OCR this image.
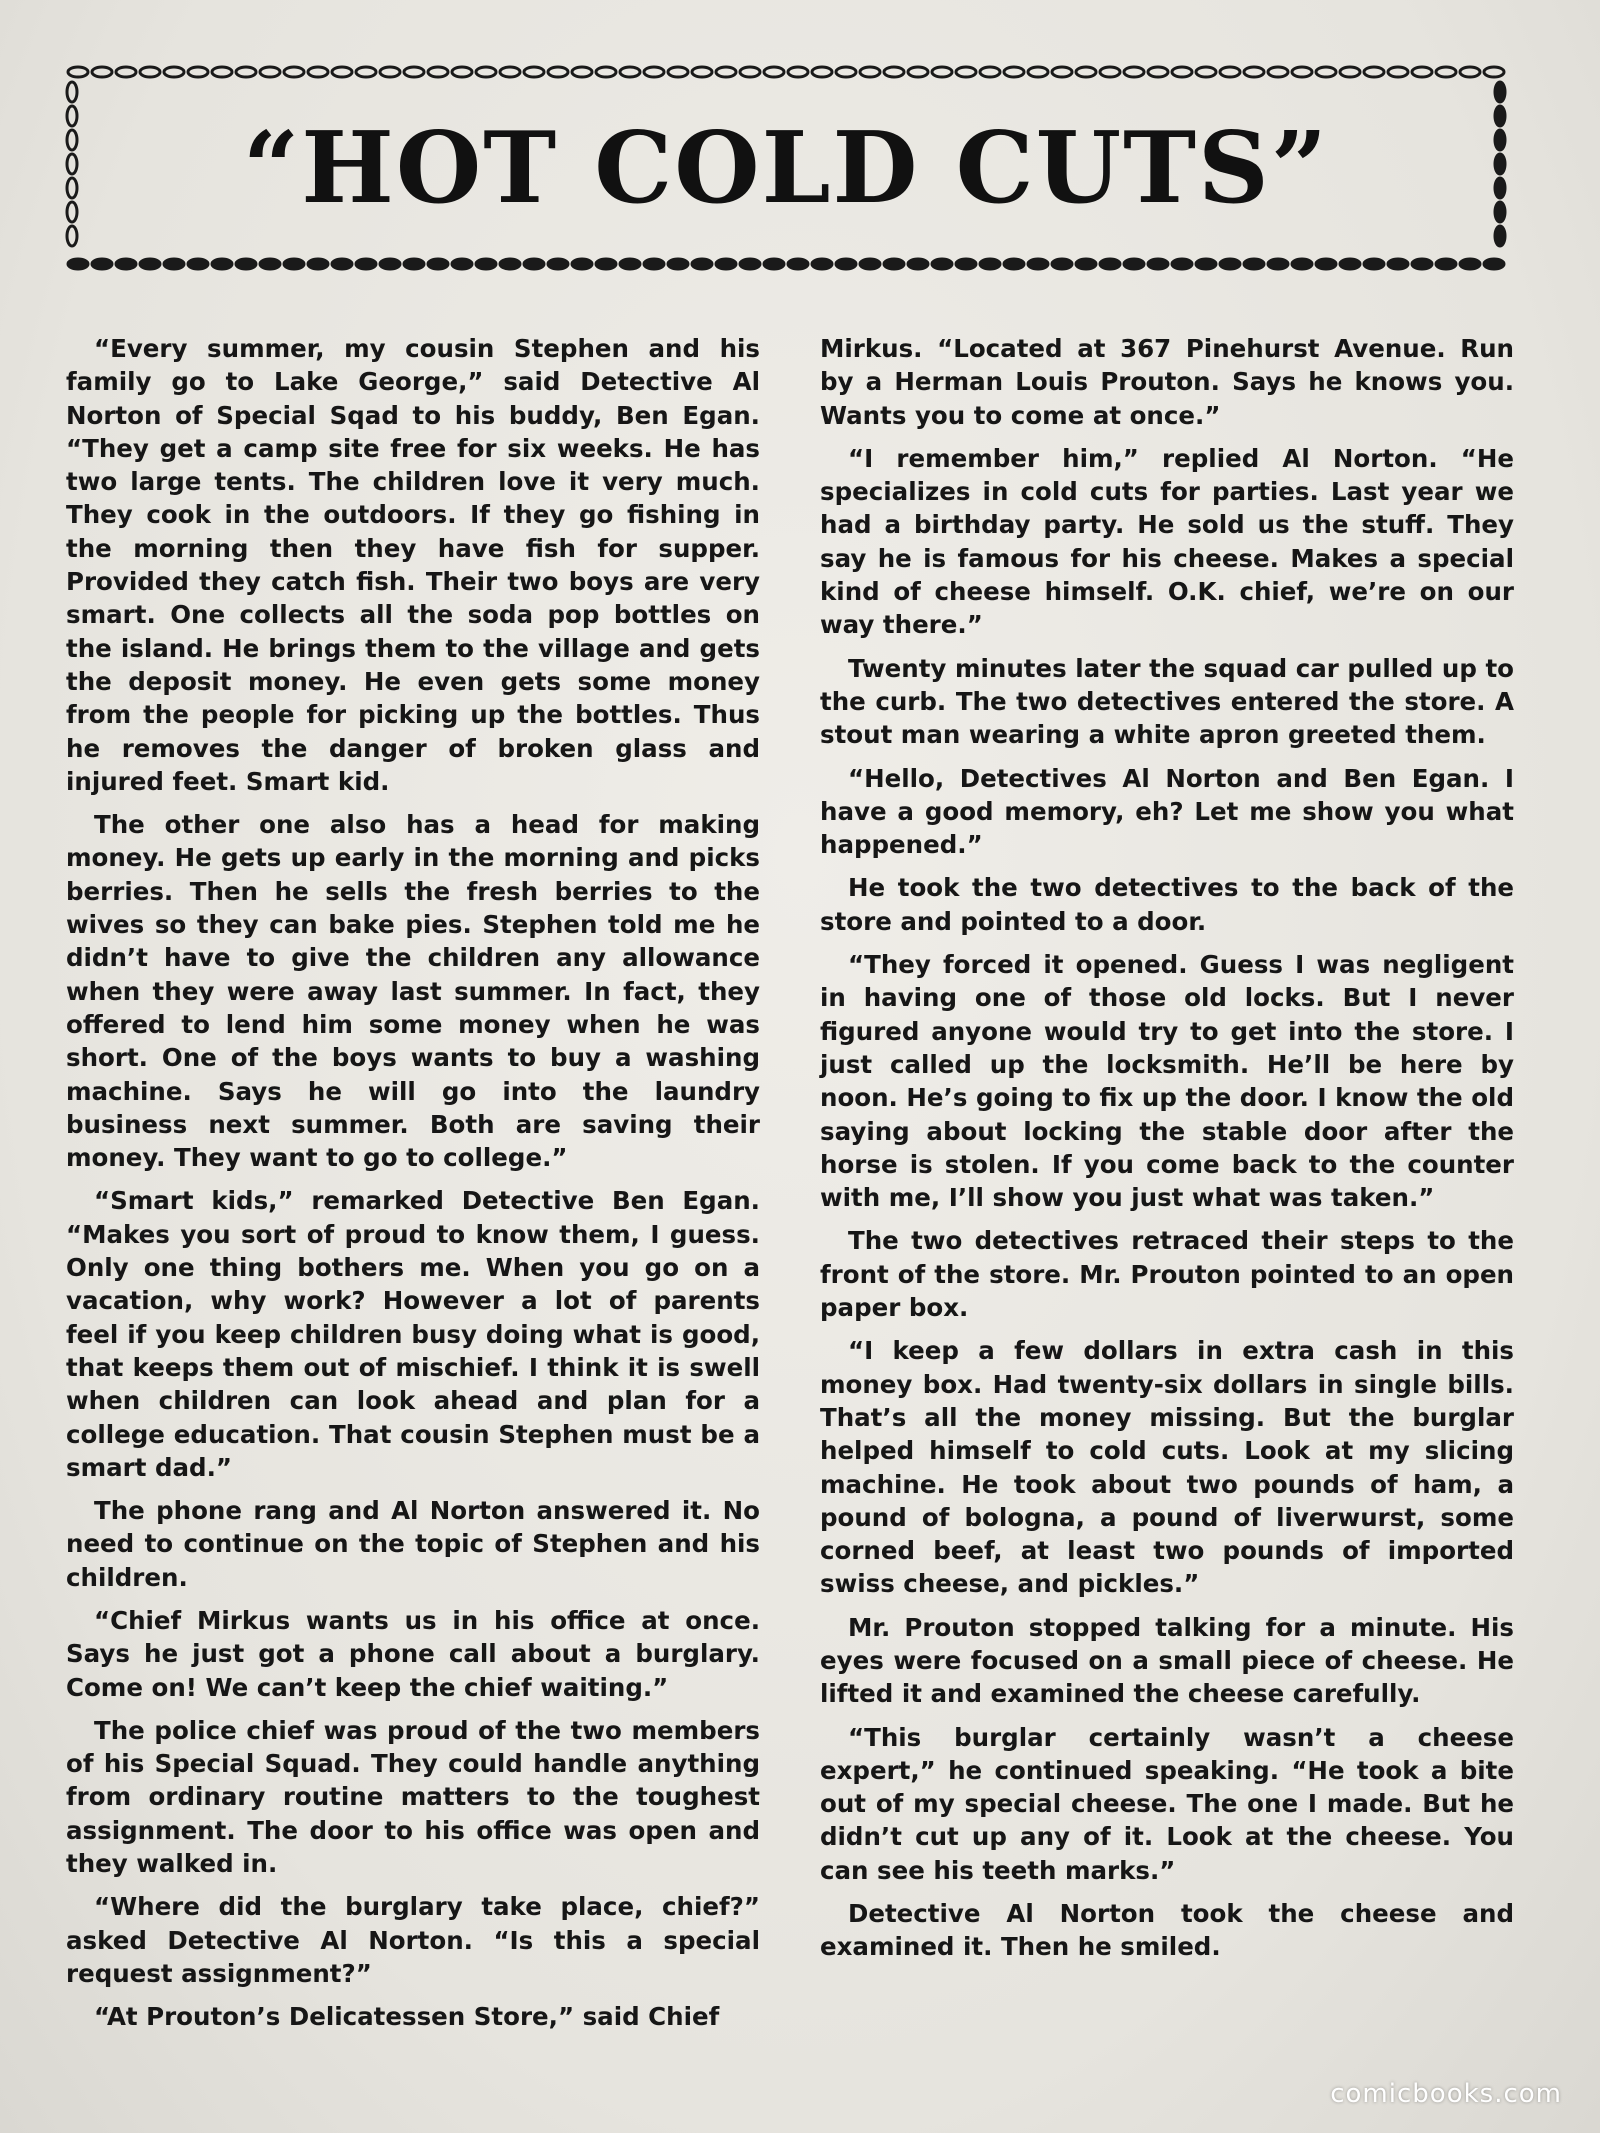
“HOT COLD CUTS”

“Every summer, my cousin Stephen and his family go to Lake George,” said Detective Al Norton of Special Sqad to his buddy, Ben Egan. “They get a camp site free for six weeks. He has two large tents. The children love it very much. They cook in the outdoors. If they go fishing in the morning then they have fish for supper. Provided they catch fish. Their two boys are very smart. One collects all the soda pop bottles on the island. He brings them to the village and gets the deposit money. He even gets some money from the people for picking up the bottles. Thus he removes the danger of broken glass and injured feet. Smart kid.

The other one also has a head for making money. He gets up early in the morning and picks berries. Then he sells the fresh berries to the wives so they can bake pies. Stephen told me he didn’t have to give the children any allowance when they were away last summer. In fact, they offered to lend him some money when he was short. One of the boys wants to buy a washing machine. Says he will go into the laundry business next summer. Both are saving their money. They want to go to college.”

“Smart kids,” remarked Detective Ben Egan. “Makes you sort of proud to know them, I guess. Only one thing bothers me. When you go on a vacation, why work? However a lot of parents feel if you keep children busy doing what is good, that keeps them out of mischief. I think it is swell when children can look ahead and plan for a college education. That cousin Stephen must be a smart dad.”

The phone rang and Al Norton answered it. No need to continue on the topic of Stephen and his children.

“Chief Mirkus wants us in his office at once. Says he just got a phone call about a burglary. Come on! We can’t keep the chief waiting.”

The police chief was proud of the two members of his Special Squad. They could handle anything from ordinary routine matters to the toughest assignment. The door to his office was open and they walked in.

“Where did the burglary take place, chief?” asked Detective Al Norton. “Is this a special request assignment?”

“At Prouton’s Delicatessen Store,” said Chief

Mirkus. “Located at 367 Pinehurst Avenue. Run by a Herman Louis Prouton. Says he knows you. Wants you to come at once.”

“I remember him,” replied Al Norton. “He specializes in cold cuts for parties. Last year we had a birthday party. He sold us the stuff. They say he is famous for his cheese. Makes a special kind of cheese himself. O.K. chief, we’re on our way there.”

Twenty minutes later the squad car pulled up to the curb. The two detectives entered the store. A stout man wearing a white apron greeted them.

“Hello, Detectives Al Norton and Ben Egan. I have a good memory, eh? Let me show you what happened.”

He took the two detectives to the back of the store and pointed to a door.

“They forced it opened. Guess I was negligent in having one of those old locks. But I never figured anyone would try to get into the store. I just called up the locksmith. He’ll be here by noon. He’s going to fix up the door. I know the old saying about locking the stable door after the horse is stolen. If you come back to the counter with me, I’ll show you just what was taken.”

The two detectives retraced their steps to the front of the store. Mr. Prouton pointed to an open paper box.

“I keep a few dollars in extra cash in this money box. Had twenty-six dollars in single bills. That’s all the money missing. But the burglar helped himself to cold cuts. Look at my slicing machine. He took about two pounds of ham, a pound of bologna, a pound of liverwurst, some corned beef, at least two pounds of imported swiss cheese, and pickles.”

Mr. Prouton stopped talking for a minute. His eyes were focused on a small piece of cheese. He lifted it and examined the cheese carefully.

“This burglar certainly wasn’t a cheese expert,” he continued speaking. “He took a bite out of my special cheese. The one I made. But he didn’t cut up any of it. Look at the cheese. You can see his teeth marks.”

Detective Al Norton took the cheese and examined it. Then he smiled.

comicbooks.com
